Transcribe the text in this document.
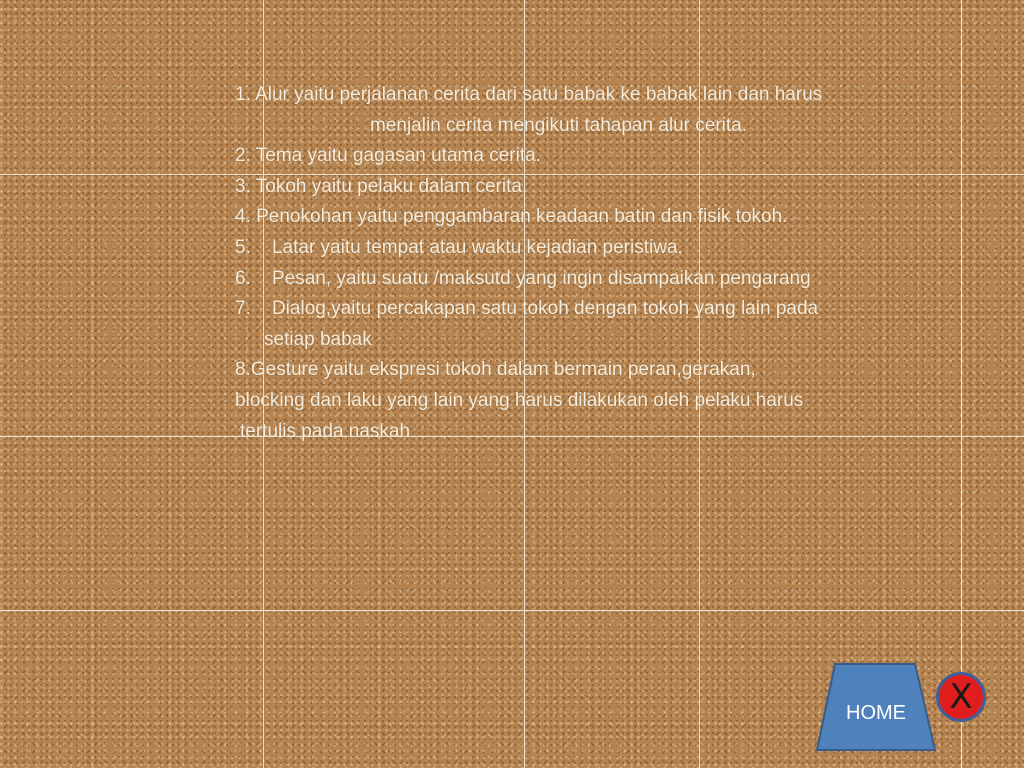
1. Alur yaitu perjalanan cerita dari satu babak ke babak lain dan harus
menjalin cerita mengikuti tahapan alur cerita.
2. Tema yaitu gagasan utama cerita.
3. Tokoh yaitu pelaku dalam cerita.
4. Penokohan yaitu penggambaran keadaan batin dan fisik tokoh.
5.    Latar yaitu tempat atau waktu kejadian peristiwa.
6.    Pesan, yaitu suatu /maksutd yang ingin disampaikan pengarang
7.    Dialog,yaitu percakapan satu tokoh dengan tokoh yang lain pada
setiap babak
8.Gesture yaitu ekspresi tokoh dalam bermain peran,gerakan,
blocking dan laku yang lain yang harus dilakukan oleh pelaku harus
tertulis pada naskah
HOME	X
